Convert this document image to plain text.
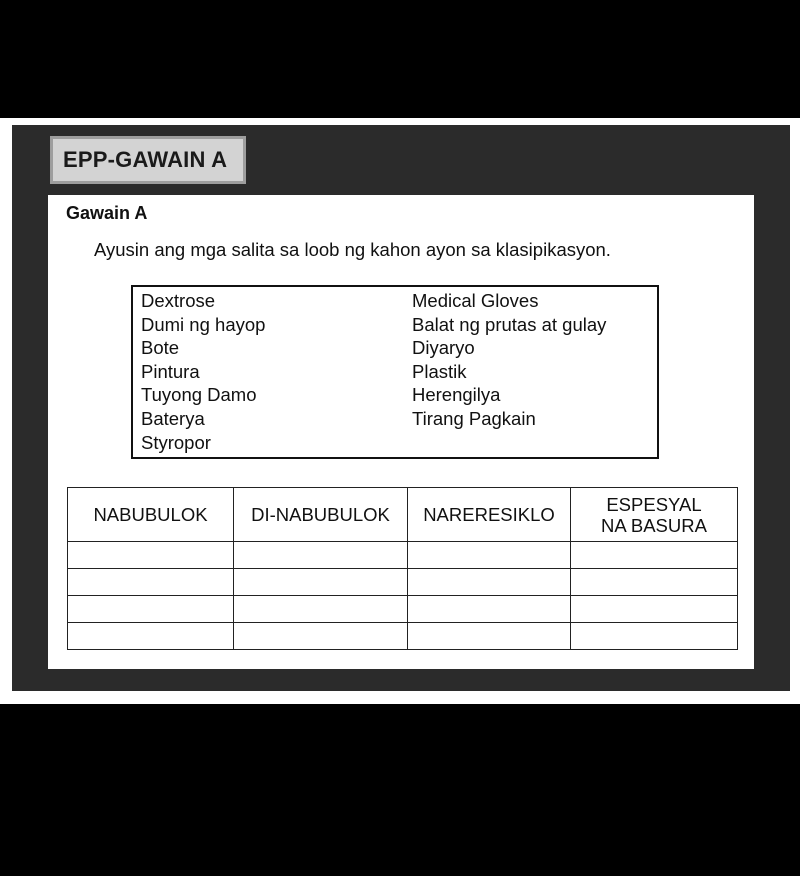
EPP-GAWAIN A
Gawain A
Ayusin ang mga salita sa loob ng kahon ayon sa klasipikasyon.
Dextrose
Dumi ng hayop
Bote
Pintura
Tuyong Damo
Baterya
Styropor
Medical Gloves
Balat ng prutas at gulay
Diyaryo
Plastik
Herengilya
Tirang Pagkain
NABUBULOK	DI-NABUBULOK	NARERESIKLO	ESPESYAL NA BASURA
